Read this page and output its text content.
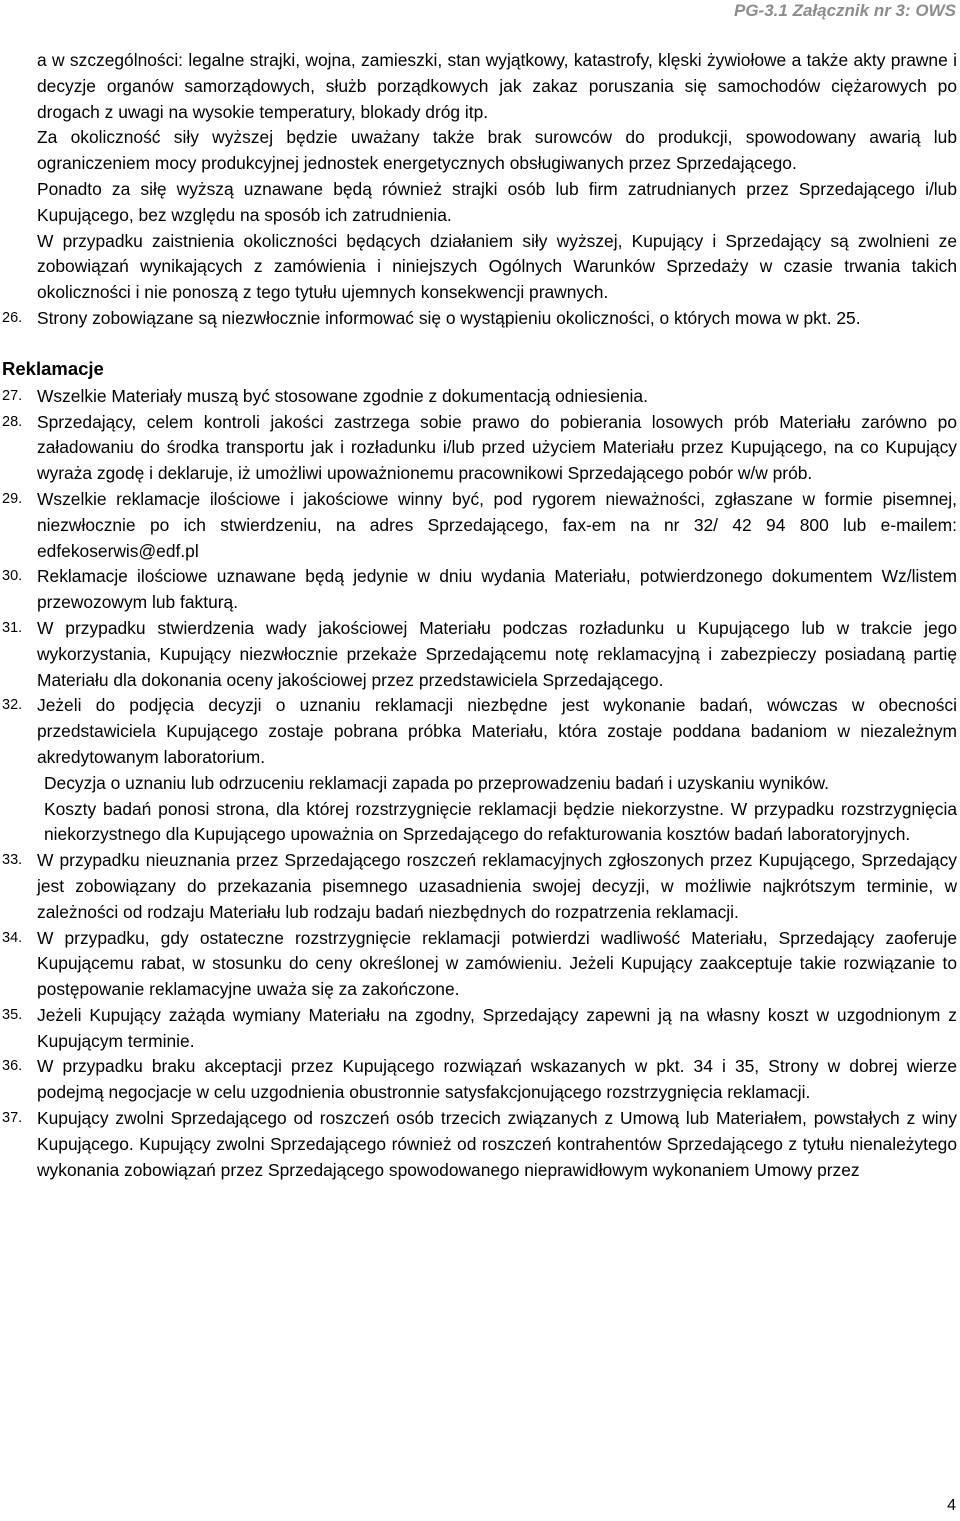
PG-3.1 Załącznik nr 3: OWS

a w szczególności: legalne strajki, wojna, zamieszki, stan wyjątkowy, katastrofy, klęski żywiołowe a także akty prawne i decyzje organów samorządowych, służb porządkowych jak zakaz poruszania się samochodów ciężarowych po drogach z uwagi na wysokie temperatury, blokady dróg itp.

Za okoliczność siły wyższej będzie uważany także brak surowców do produkcji, spowodowany awarią lub ograniczeniem mocy produkcyjnej jednostek energetycznych obsługiwanych przez Sprzedającego.

Ponadto za siłę wyższą uznawane będą również strajki osób lub firm zatrudnianych przez Sprzedającego i/lub Kupującego, bez względu na sposób ich zatrudnienia.

W przypadku zaistnienia okoliczności będących działaniem siły wyższej, Kupujący i Sprzedający są zwolnieni ze zobowiązań wynikających z zamówienia i niniejszych Ogólnych Warunków Sprzedaży w czasie trwania takich okoliczności i nie ponoszą z tego tytułu ujemnych konsekwencji prawnych.

26. Strony zobowiązane są niezwłocznie informować się o wystąpieniu okoliczności, o których mowa w pkt. 25.

Reklamacje

27. Wszelkie Materiały muszą być stosowane zgodnie z dokumentacją odniesienia.

28. Sprzedający, celem kontroli jakości zastrzega sobie prawo do pobierania losowych prób Materiału zarówno po załadowaniu do środka transportu jak i rozładunku i/lub przed użyciem Materiału przez Kupującego, na co Kupujący wyraża zgodę i deklaruje, iż umożliwi upoważnionemu pracownikowi Sprzedającego pobór w/w prób.

29. Wszelkie reklamacje ilościowe i jakościowe winny być, pod rygorem nieważności, zgłaszane w formie pisemnej, niezwłocznie po ich stwierdzeniu, na adres Sprzedającego, fax-em na nr 32/ 42 94 800 lub e-mailem: edfekoserwis@edf.pl

30. Reklamacje ilościowe uznawane będą jedynie w dniu wydania Materiału, potwierdzonego dokumentem Wz/listem przewozowym lub fakturą.

31. W przypadku stwierdzenia wady jakościowej Materiału podczas rozładunku u Kupującego lub w trakcie jego wykorzystania, Kupujący niezwłocznie przekaże Sprzedającemu notę reklamacyjną i zabezpieczy posiadaną partię Materiału dla dokonania oceny jakościowej przez przedstawiciela Sprzedającego.

32. Jeżeli do podjęcia decyzji o uznaniu reklamacji niezbędne jest wykonanie badań, wówczas w obecności przedstawiciela Kupującego zostaje pobrana próbka Materiału, która zostaje poddana badaniom w niezależnym akredytowanym laboratorium.

Decyzja o uznaniu lub odrzuceniu reklamacji zapada po przeprowadzeniu badań i uzyskaniu wyników.

Koszty badań ponosi strona, dla której rozstrzygnięcie reklamacji będzie niekorzystne. W przypadku rozstrzygnięcia niekorzystnego dla Kupującego upoważnia on Sprzedającego do refakturowania kosztów badań laboratoryjnych.

33. W przypadku nieuznania przez Sprzedającego roszczeń reklamacyjnych zgłoszonych przez Kupującego, Sprzedający jest zobowiązany do przekazania pisemnego uzasadnienia swojej decyzji, w możliwie najkrótszym terminie, w zależności od rodzaju Materiału lub rodzaju badań niezbędnych do rozpatrzenia reklamacji.

34. W przypadku, gdy ostateczne rozstrzygnięcie reklamacji potwierdzi wadliwość Materiału, Sprzedający zaoferuje Kupującemu rabat, w stosunku do ceny określonej w zamówieniu. Jeżeli Kupujący zaakceptuje takie rozwiązanie to postępowanie reklamacyjne uważa się za zakończone.

35. Jeżeli Kupujący zażąda wymiany Materiału na zgodny, Sprzedający zapewni ją na własny koszt w uzgodnionym z Kupującym terminie.

36. W przypadku braku akceptacji przez Kupującego rozwiązań wskazanych w pkt. 34 i 35, Strony w dobrej wierze podejmą negocjacje w celu uzgodnienia obustronnie satysfakcjonującego rozstrzygnięcia reklamacji.

37. Kupujący zwolni Sprzedającego od roszczeń osób trzecich związanych z Umową lub Materiałem, powstałych z winy Kupującego. Kupujący zwolni Sprzedającego również od roszczeń kontrahentów Sprzedającego z tytułu nienależytego wykonania zobowiązań przez Sprzedającego spowodowanego nieprawidłowym wykonaniem Umowy przez

4
